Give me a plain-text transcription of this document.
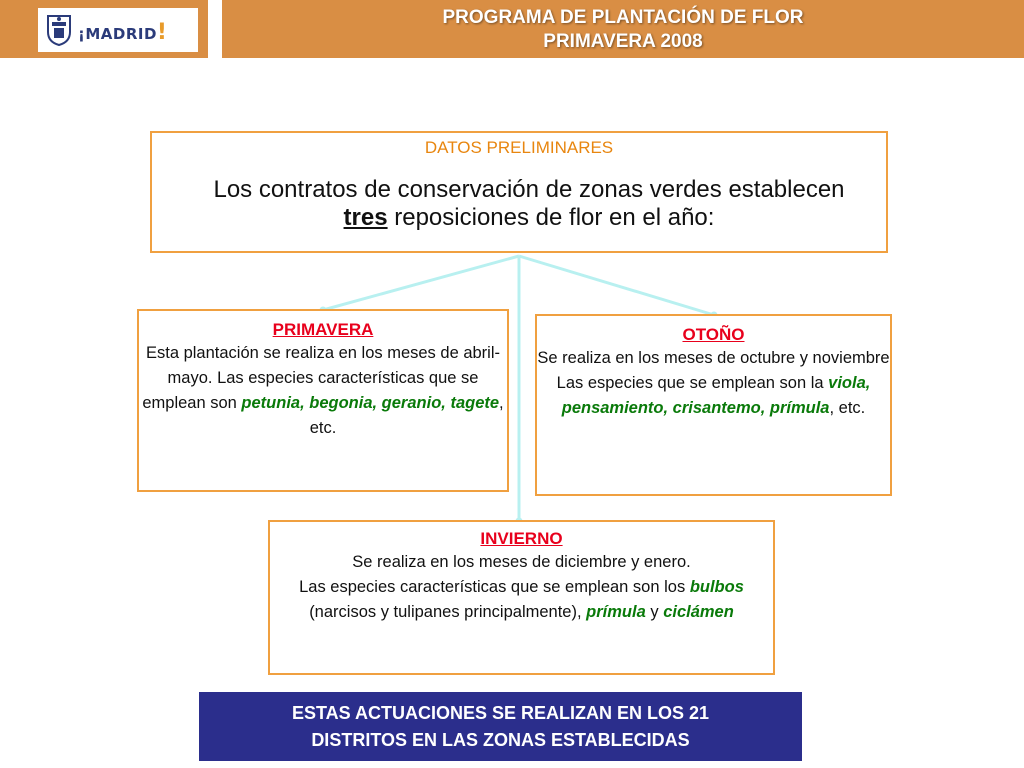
¡MADRID!
PROGRAMA DE PLANTACIÓN DE FLOR
PRIMAVERA 2008
DATOS PRELIMINARES
Los contratos de conservación de zonas verdes establecen tres reposiciones de flor en el año:
PRIMAVERA
Esta plantación se realiza en los meses de abril-mayo. Las especies características que se emplean son petunia, begonia, geranio, tagete, etc.
OTOÑO
Se realiza en los meses de octubre y noviembre
Las especies que se emplean son la viola, pensamiento, crisantemo, prímula, etc.
INVIERNO
Se realiza en los meses de diciembre y enero.
Las especies características que se emplean son los bulbos (narcisos y tulipanes principalmente), prímula y ciclámen
ESTAS ACTUACIONES SE REALIZAN EN LOS 21
DISTRITOS EN LAS ZONAS ESTABLECIDAS
